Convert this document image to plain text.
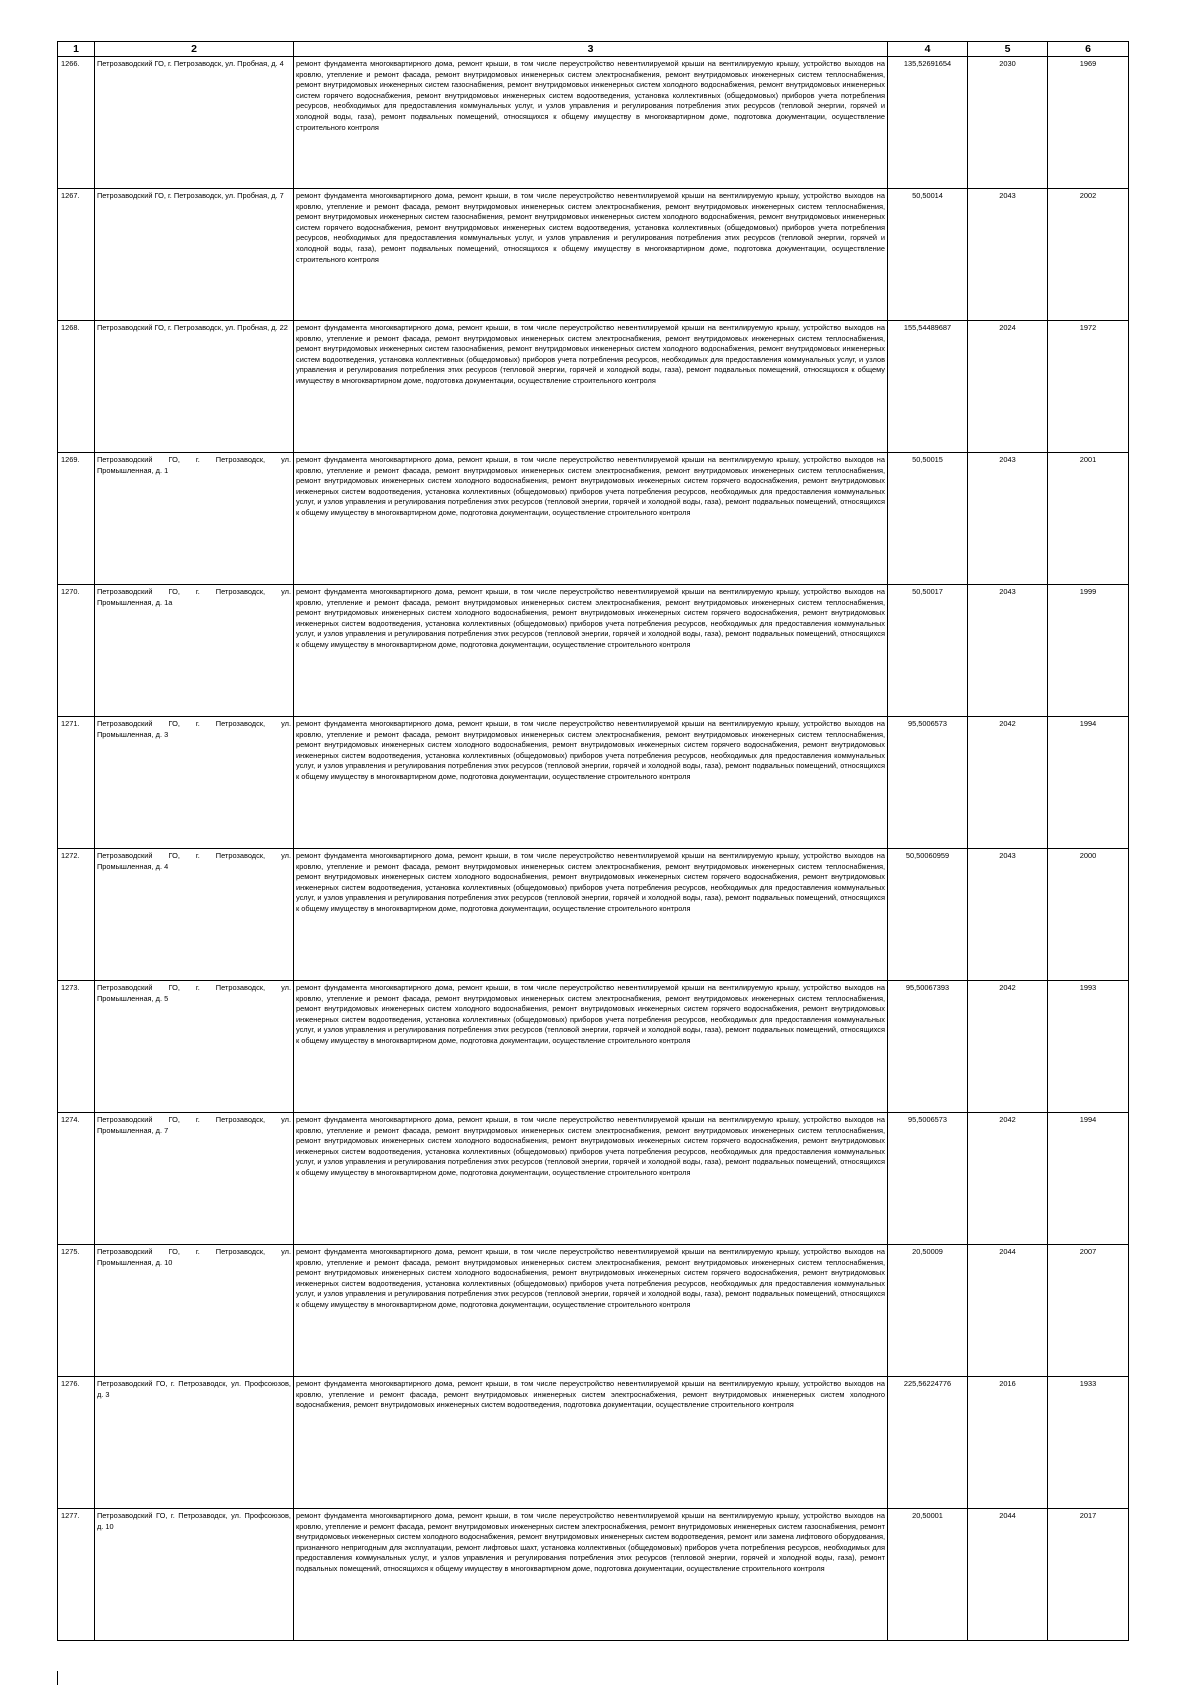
1	2	3	4	5	6
1266.	Петрозаводский ГО, г. Петрозаводск, ул. Пробная, д. 4	ремонт фундамента многоквартирного дома, ремонт крыши, в том числе переустройство невентилируемой крыши на вентилируемую крышу, устройство выходов на кровлю, утепление и ремонт фасада, ремонт внутридомовых инженерных систем электроснабжения, ремонт внутридомовых инженерных систем теплоснабжения, ремонт внутридомовых инженерных систем газоснабжения, ремонт внутридомовых инженерных систем холодного водоснабжения, ремонт внутридомовых инженерных систем горячего водоснабжения, ремонт внутридомовых инженерных систем водоотведения, установка коллективных (общедомовых) приборов учета потребления ресурсов, необходимых для предоставления коммунальных услуг, и узлов управления и регулирования потребления этих ресурсов (тепловой энергии, горячей и холодной воды, газа), ремонт подвальных помещений, относящихся к общему имуществу в многоквартирном доме, подготовка документации, осуществление строительного контроля	135,52691654	2030	1969
1267.	Петрозаводский ГО, г. Петрозаводск, ул. Пробная, д. 7	ремонт фундамента многоквартирного дома, ремонт крыши, в том числе переустройство невентилируемой крыши на вентилируемую крышу, устройство выходов на кровлю, утепление и ремонт фасада, ремонт внутридомовых инженерных систем электроснабжения, ремонт внутридомовых инженерных систем теплоснабжения, ремонт внутридомовых инженерных систем газоснабжения, ремонт внутридомовых инженерных систем холодного водоснабжения, ремонт внутридомовых инженерных систем горячего водоснабжения, ремонт внутридомовых инженерных систем водоотведения, установка коллективных (общедомовых) приборов учета потребления ресурсов, необходимых для предоставления коммунальных услуг, и узлов управления и регулирования потребления этих ресурсов (тепловой энергии, горячей и холодной воды, газа), ремонт подвальных помещений, относящихся к общему имуществу в многоквартирном доме, подготовка документации, осуществление строительного контроля	50,50014	2043	2002
1268.	Петрозаводский ГО, г. Петрозаводск, ул. Пробная, д. 22	ремонт фундамента многоквартирного дома, ремонт крыши, в том числе переустройство невентилируемой крыши на вентилируемую крышу, устройство выходов на кровлю, утепление и ремонт фасада, ремонт внутридомовых инженерных систем электроснабжения, ремонт внутридомовых инженерных систем теплоснабжения, ремонт внутридомовых инженерных систем газоснабжения, ремонт внутридомовых инженерных систем холодного водоснабжения, ремонт внутридомовых инженерных систем водоотведения, установка коллективных (общедомовых) приборов учета потребления ресурсов, необходимых для предоставления коммунальных услуг, и узлов управления и регулирования потребления этих ресурсов (тепловой энергии, горячей и холодной воды, газа), ремонт подвальных помещений, относящихся к общему имуществу в многоквартирном доме, подготовка документации, осуществление строительного контроля	155,54489687	2024	1972
1269.	Петрозаводский ГО, г. Петрозаводск, ул. Промышленная, д. 1	ремонт фундамента многоквартирного дома, ремонт крыши, в том числе переустройство невентилируемой крыши на вентилируемую крышу, устройство выходов на кровлю, утепление и ремонт фасада, ремонт внутридомовых инженерных систем электроснабжения, ремонт внутридомовых инженерных систем теплоснабжения, ремонт внутридомовых инженерных систем холодного водоснабжения, ремонт внутридомовых инженерных систем горячего водоснабжения, ремонт внутридомовых инженерных систем водоотведения, установка коллективных (общедомовых) приборов учета потребления ресурсов, необходимых для предоставления коммунальных услуг, и узлов управления и регулирования потребления этих ресурсов (тепловой энергии, горячей и холодной воды, газа), ремонт подвальных помещений, относящихся к общему имуществу в многоквартирном доме, подготовка документации, осуществление строительного контроля	50,50015	2043	2001
1270.	Петрозаводский ГО, г. Петрозаводск, ул. Промышленная, д. 1а	ремонт фундамента многоквартирного дома, ремонт крыши, в том числе переустройство невентилируемой крыши на вентилируемую крышу, устройство выходов на кровлю, утепление и ремонт фасада, ремонт внутридомовых инженерных систем электроснабжения, ремонт внутридомовых инженерных систем теплоснабжения, ремонт внутридомовых инженерных систем холодного водоснабжения, ремонт внутридомовых инженерных систем горячего водоснабжения, ремонт внутридомовых инженерных систем водоотведения, установка коллективных (общедомовых) приборов учета потребления ресурсов, необходимых для предоставления коммунальных услуг, и узлов управления и регулирования потребления этих ресурсов (тепловой энергии, горячей и холодной воды, газа), ремонт подвальных помещений, относящихся к общему имуществу в многоквартирном доме, подготовка документации, осуществление строительного контроля	50,50017	2043	1999
1271.	Петрозаводский ГО, г. Петрозаводск, ул. Промышленная, д. 3	ремонт фундамента многоквартирного дома, ремонт крыши, в том числе переустройство невентилируемой крыши на вентилируемую крышу, устройство выходов на кровлю, утепление и ремонт фасада, ремонт внутридомовых инженерных систем электроснабжения, ремонт внутридомовых инженерных систем теплоснабжения, ремонт внутридомовых инженерных систем холодного водоснабжения, ремонт внутридомовых инженерных систем горячего водоснабжения, ремонт внутридомовых инженерных систем водоотведения, установка коллективных (общедомовых) приборов учета потребления ресурсов, необходимых для предоставления коммунальных услуг, и узлов управления и регулирования потребления этих ресурсов (тепловой энергии, горячей и холодной воды, газа), ремонт подвальных помещений, относящихся к общему имуществу в многоквартирном доме, подготовка документации, осуществление строительного контроля	95,5006573	2042	1994
1272.	Петрозаводский ГО, г. Петрозаводск, ул. Промышленная, д. 4	ремонт фундамента многоквартирного дома, ремонт крыши, в том числе переустройство невентилируемой крыши на вентилируемую крышу, устройство выходов на кровлю, утепление и ремонт фасада, ремонт внутридомовых инженерных систем электроснабжения, ремонт внутридомовых инженерных систем теплоснабжения, ремонт внутридомовых инженерных систем холодного водоснабжения, ремонт внутридомовых инженерных систем горячего водоснабжения, ремонт внутридомовых инженерных систем водоотведения, установка коллективных (общедомовых) приборов учета потребления ресурсов, необходимых для предоставления коммунальных услуг, и узлов управления и регулирования потребления этих ресурсов (тепловой энергии, горячей и холодной воды, газа), ремонт подвальных помещений, относящихся к общему имуществу в многоквартирном доме, подготовка документации, осуществление строительного контроля	50,50060959	2043	2000
1273.	Петрозаводский ГО, г. Петрозаводск, ул. Промышленная, д. 5	ремонт фундамента многоквартирного дома, ремонт крыши, в том числе переустройство невентилируемой крыши на вентилируемую крышу, устройство выходов на кровлю, утепление и ремонт фасада, ремонт внутридомовых инженерных систем электроснабжения, ремонт внутридомовых инженерных систем теплоснабжения, ремонт внутридомовых инженерных систем холодного водоснабжения, ремонт внутридомовых инженерных систем горячего водоснабжения, ремонт внутридомовых инженерных систем водоотведения, установка коллективных (общедомовых) приборов учета потребления ресурсов, необходимых для предоставления коммунальных услуг, и узлов управления и регулирования потребления этих ресурсов (тепловой энергии, горячей и холодной воды, газа), ремонт подвальных помещений, относящихся к общему имуществу в многоквартирном доме, подготовка документации, осуществление строительного контроля	95,50067393	2042	1993
1274.	Петрозаводский ГО, г. Петрозаводск, ул. Промышленная, д. 7	ремонт фундамента многоквартирного дома, ремонт крыши, в том числе переустройство невентилируемой крыши на вентилируемую крышу, устройство выходов на кровлю, утепление и ремонт фасада, ремонт внутридомовых инженерных систем электроснабжения, ремонт внутридомовых инженерных систем теплоснабжения, ремонт внутридомовых инженерных систем холодного водоснабжения, ремонт внутридомовых инженерных систем горячего водоснабжения, ремонт внутридомовых инженерных систем водоотведения, установка коллективных (общедомовых) приборов учета потребления ресурсов, необходимых для предоставления коммунальных услуг, и узлов управления и регулирования потребления этих ресурсов (тепловой энергии, горячей и холодной воды, газа), ремонт подвальных помещений, относящихся к общему имуществу в многоквартирном доме, подготовка документации, осуществление строительного контроля	95,5006573	2042	1994
1275.	Петрозаводский ГО, г. Петрозаводск, ул. Промышленная, д. 10	ремонт фундамента многоквартирного дома, ремонт крыши, в том числе переустройство невентилируемой крыши на вентилируемую крышу, устройство выходов на кровлю, утепление и ремонт фасада, ремонт внутридомовых инженерных систем электроснабжения, ремонт внутридомовых инженерных систем теплоснабжения, ремонт внутридомовых инженерных систем холодного водоснабжения, ремонт внутридомовых инженерных систем горячего водоснабжения, ремонт внутридомовых инженерных систем водоотведения, установка коллективных (общедомовых) приборов учета потребления ресурсов, необходимых для предоставления коммунальных услуг, и узлов управления и регулирования потребления этих ресурсов (тепловой энергии, горячей и холодной воды, газа), ремонт подвальных помещений, относящихся к общему имуществу в многоквартирном доме, подготовка документации, осуществление строительного контроля	20,50009	2044	2007
1276.	Петрозаводский ГО, г. Петрозаводск, ул. Профсоюзов, д. 3	ремонт фундамента многоквартирного дома, ремонт крыши, в том числе переустройство невентилируемой крыши на вентилируемую крышу, устройство выходов на кровлю, утепление и ремонт фасада, ремонт внутридомовых инженерных систем электроснабжения, ремонт внутридомовых инженерных систем холодного водоснабжения, ремонт внутридомовых инженерных систем водоотведения, подготовка документации, осуществление строительного контроля	225,56224776	2016	1933
1277.	Петрозаводский ГО, г. Петрозаводск, ул. Профсоюзов, д. 10	ремонт фундамента многоквартирного дома, ремонт крыши, в том числе переустройство невентилируемой крыши на вентилируемую крышу, устройство выходов на кровлю, утепление и ремонт фасада, ремонт внутридомовых инженерных систем электроснабжения, ремонт внутридомовых инженерных систем газоснабжения, ремонт внутридомовых инженерных систем холодного водоснабжения, ремонт внутридомовых инженерных систем водоотведения, ремонт или замена лифтового оборудования, признанного непригодным для эксплуатации, ремонт лифтовых шахт, установка коллективных (общедомовых) приборов учета потребления ресурсов, необходимых для предоставления коммунальных услуг, и узлов управления и регулирования потребления этих ресурсов (тепловой энергии, горячей и холодной воды, газа), ремонт подвальных помещений, относящихся к общему имуществу в многоквартирном доме, подготовка документации, осуществление строительного контроля	20,50001	2044	2017
